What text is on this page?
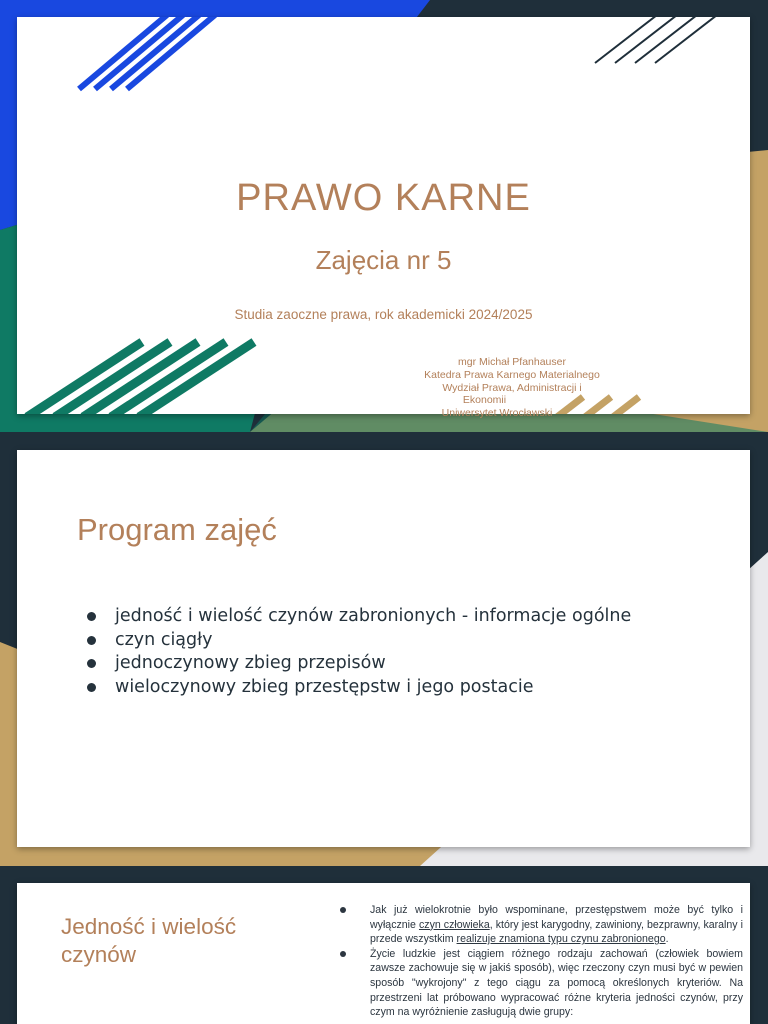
PRAWO KARNE
Zajęcia nr 5
Studia zaoczne prawa, rok akademicki 2024/2025
mgr Michał Pfanhauser
Katedra Prawa Karnego Materialnego
Wydział Prawa, Administracji i
Ekonomii
Uniwersytet Wrocławski
Program zajęć
jedność i wielość czynów zabronionych - informacje ogólne
czyn ciągły
jednoczynowy zbieg przepisów
wieloczynowy zbieg przestępstw i jego postacie
Jedność i wielość czynów

Jak już wielokrotnie było wspominane, przestępstwem może być tylko i wyłącznie czyn człowieka, który jest karygodny, zawiniony, bezprawny, karalny i przede wszystkim realizuje znamiona typu czynu zabronionego.

Życie ludzkie jest ciągiem różnego rodzaju zachowań (człowiek bowiem zawsze zachowuje się w jakiś sposób), więc rzeczony czyn musi być w pewien sposób "wykrojony" z tego ciągu za pomocą określonych kryteriów. Na przestrzeni lat próbowano wypracować różne kryteria jedności czynów, przy czym na wyróżnienie zasługują dwie grupy:
